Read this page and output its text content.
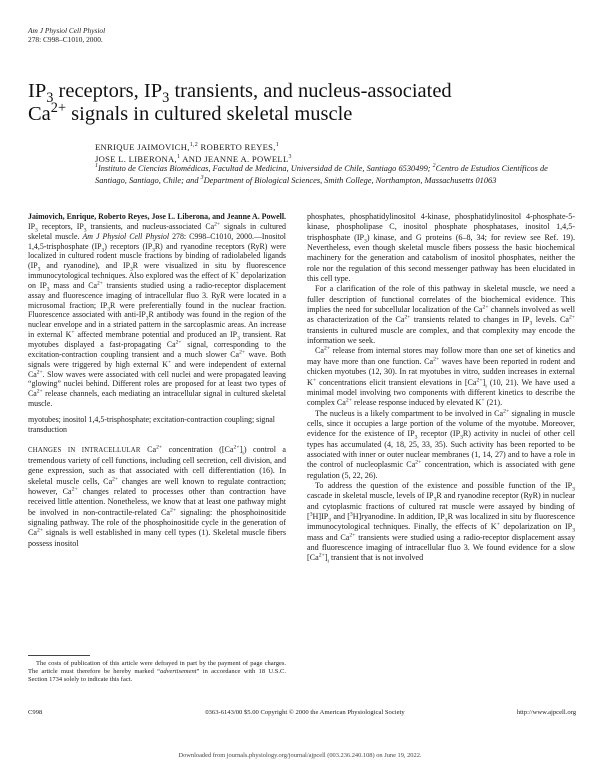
Am J Physiol Cell Physiol
278: C998–C1010, 2000.
$IP_3$ receptors, $IP_3$ transients, and nucleus-associated
$Ca^{2+}$ signals in cultured skeletal muscle
ENRIQUE JAIMOVICH,$^{1,2}$ ROBERTO REYES,$^1$
JOSE L. LIBERONA,$^1$ AND JEANNE A. POWELL$^3$
$^1$Instituto de Ciencias Biomédicas, Facultad de Medicina, Universidad de Chile, Santiago 6530499; $^2$Centro de Estudios Científicos de Santiago, Santiago, Chile; and $^3$Department of Biological Sciences, Smith College, Northampton, Massachusetts 01063

Jaimovich, Enrique, Roberto Reyes, Jose L. Liberona, and Jeanne A. Powell. $IP_3$ receptors, $IP_3$ transients, and nucleus-associated $Ca^{2+}$ signals in cultured skeletal muscle. Am J Physiol Cell Physiol 278: C998–C1010, 2000.—Inositol 1,4,5-trisphosphate $(IP_3)$ receptors $(IP_3R)$ and ryanodine receptors (RyR) were localized in cultured rodent muscle fractions by binding of radiolabeled ligands ($IP_3$ and ryanodine), and $IP_3R$ were visualized in situ by fluorescence immunocytological techniques. Also explored was the effect of K+ depolarization on $IP_3$ mass and $Ca^{2+}$ transients studied using a radio-receptor displacement assay and fluorescence imaging of intracellular fluo 3. RyR were located in a microsomal fraction; $IP_3R$ were preferentially found in the nuclear fraction. Fluorescence associated with anti-$IP_3R$ antibody was found in the region of the nuclear envelope and in a striated pattern in the sarcoplasmic areas. An increase in external K+ affected membrane potential and produced an $IP_3$ transient. Rat myotubes displayed a fast-propagating $Ca^{2+}$ signal, corresponding to the excitation-contraction coupling transient and a much slower $Ca^{2+}$ wave. Both signals were triggered by high external K+ and were independent of external $Ca^{2+}$. Slow waves were associated with cell nuclei and were propagated leaving “glowing” nuclei behind. Different roles are proposed for at least two types of $Ca^{2+}$ release channels, each mediating an intracellular signal in cultured skeletal muscle.

myotubes; inositol 1,4,5-trisphosphate; excitation-contraction coupling; signal transduction

CHANGES IN INTRACELLULAR $Ca^{2+}$ concentration $([Ca^{2+}]_i)$ control a tremendous variety of cell functions, including cell secretion, cell division, and gene expression, such as that associated with cell differentiation (16). In skeletal muscle cells, $Ca^{2+}$ changes are well known to regulate contraction; however, $Ca^{2+}$ changes related to processes other than contraction have received little attention. Nonetheless, we know that at least one pathway might be involved in non-contractile-related $Ca^{2+}$ signaling: the phosphoinositide signaling pathway. The role of the phosphoinositide cycle in the generation of $Ca^{2+}$ signals is well established in many cell types (1). Skeletal muscle fibers possess inositol

The costs of publication of this article were defrayed in part by the payment of page charges. The article must therefore be hereby marked “advertisement” in accordance with 18 U.S.C. Section 1734 solely to indicate this fact.

phosphates, phosphatidylinositol 4-kinase, phosphatidylinositol 4-phosphate-5-kinase, phospholipase C, inositol phosphate phosphatases, inositol 1,4,5-trisphosphate $(IP_3)$ kinase, and G proteins (6–8, 34; for review see Ref. 19). Nevertheless, even though skeletal muscle fibers possess the basic biochemical machinery for the generation and catabolism of inositol phosphates, neither the role nor the regulation of this second messenger pathway has been elucidated in this cell type.

For a clarification of the role of this pathway in skeletal muscle, we need a fuller description of functional correlates of the biochemical evidence. This implies the need for subcellular localization of the $Ca^{2+}$ channels involved as well as characterization of the $Ca^{2+}$ transients related to changes in $IP_3$ levels. $Ca^{2+}$ transients in cultured muscle are complex, and that complexity may encode the information we seek.

$Ca^{2+}$ release from internal stores may follow more than one set of kinetics and may have more than one function. $Ca^{2+}$ waves have been reported in rodent and chicken myotubes (12, 30). In rat myotubes in vitro, sudden increases in external K+ concentrations elicit transient elevations in $[Ca^{2+}]_i$ (10, 21). We have used a minimal model involving two components with different kinetics to describe the complex $Ca^{2+}$ release response induced by elevated K+ (21).

The nucleus is a likely compartment to be involved in $Ca^{2+}$ signaling in muscle cells, since it occupies a large portion of the volume of the myotube. Moreover, evidence for the existence of $IP_3$ receptor $(IP_3R)$ activity in nuclei of other cell types has accumulated (4, 18, 25, 33, 35). Such activity has been reported to be associated with inner or outer nuclear membranes (1, 14, 27) and to have a role in the control of nucleoplasmic $Ca^{2+}$ concentration, which is associated with gene regulation (5, 22, 26).

To address the question of the existence and possible function of the $IP_3$ cascade in skeletal muscle, levels of $IP_3R$ and ryanodine receptor (RyR) in nuclear and cytoplasmic fractions of cultured rat muscle were assayed by binding of $[^3H]IP_3$ and [$^3$H]ryanodine. In addition, $IP_3R$ was localized in situ by fluorescence immunocytological techniques. Finally, the effects of K+ depolarization on $IP_3$ mass and $Ca^{2+}$ transients were studied using a radio-receptor displacement assay and fluorescence imaging of intracellular fluo 3. We found evidence for a slow $[Ca^{2+}]_i$ transient that is not involved

C998	0363-6143/00 $5.00 Copyright © 2000 the American Physiological Society	http://www.ajpcell.org
Downloaded from journals.physiology.org/journal/ajpcell (003.236.240.108) on June 19, 2022.
